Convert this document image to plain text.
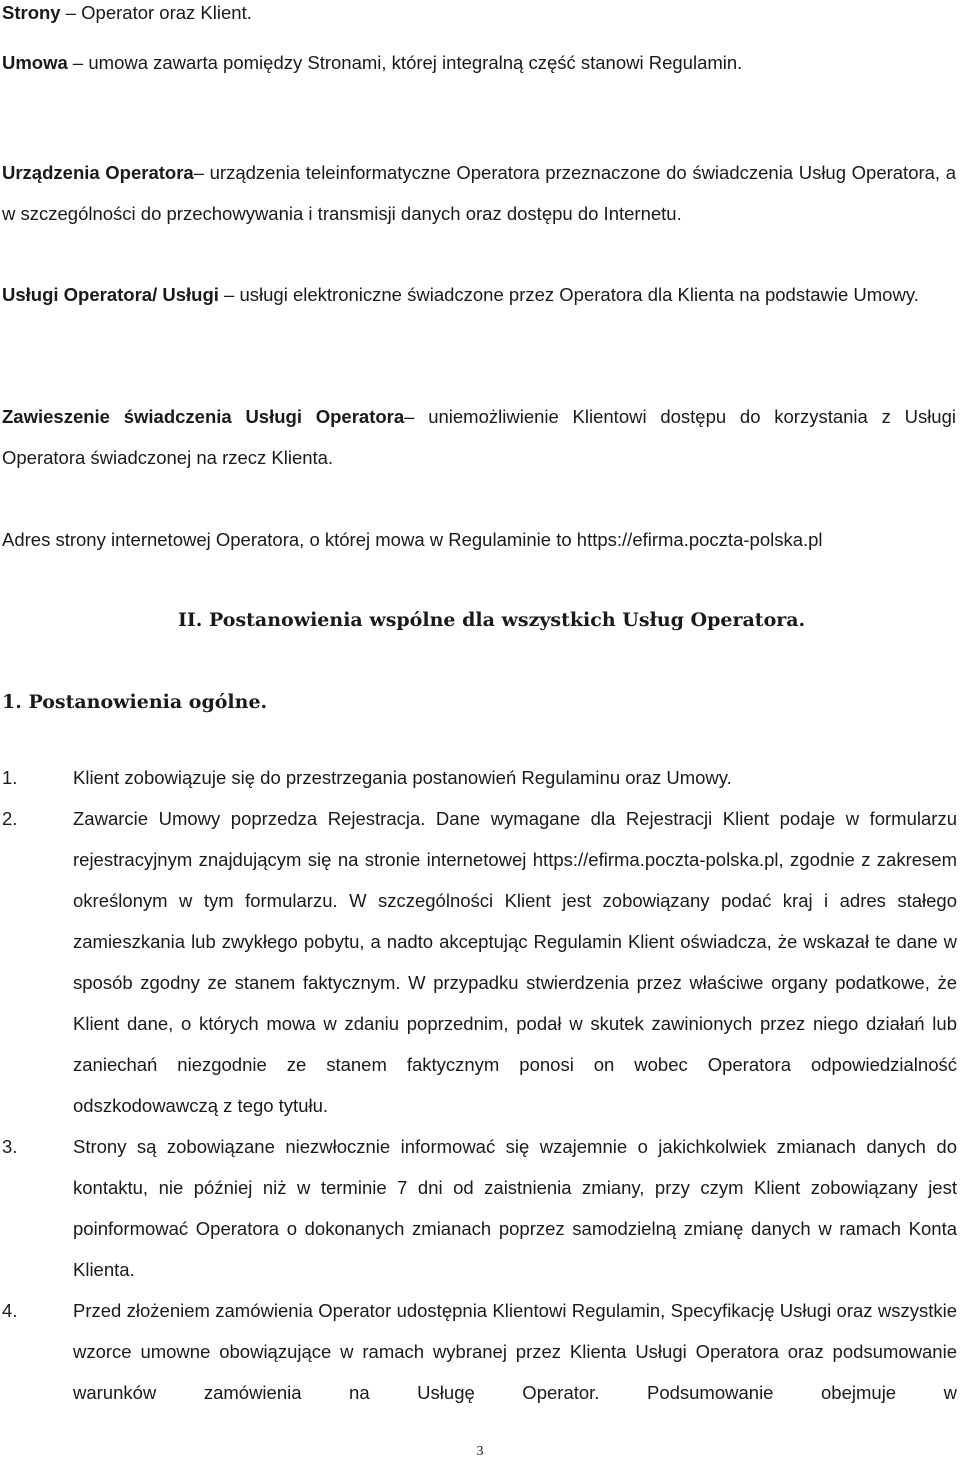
Strony – Operator oraz Klient.

Umowa – umowa zawarta pomiędzy Stronami, której integralną część stanowi Regulamin.

Urządzenia Operatora– urządzenia teleinformatyczne Operatora przeznaczone do świadczenia Usług Operatora, a w szczególności do przechowywania i transmisji danych oraz dostępu do Internetu.

Usługi Operatora/ Usługi – usługi elektroniczne świadczone przez Operatora dla Klienta na podstawie Umowy.

Zawieszenie świadczenia Usługi Operatora– uniemożliwienie Klientowi dostępu do korzystania z Usługi Operatora świadczonej na rzecz Klienta.

Adres strony internetowej Operatora, o której mowa w Regulaminie to https://efirma.poczta-polska.pl

II. Postanowienia wspólne dla wszystkich Usług Operatora.
1. Postanowienia ogólne.
1.	Klient zobowiązuje się do przestrzegania postanowień Regulaminu oraz Umowy.
2.	Zawarcie Umowy poprzedza Rejestracja. Dane wymagane dla Rejestracji Klient podaje w formularzu rejestracyjnym znajdującym się na stronie internetowej https://efirma.poczta-polska.pl, zgodnie z zakresem określonym w tym formularzu. W szczególności Klient jest zobowiązany podać kraj i adres stałego zamieszkania lub zwykłego pobytu, a nadto akceptując Regulamin Klient oświadcza, że wskazał te dane w sposób zgodny ze stanem faktycznym. W przypadku stwierdzenia przez właściwe organy podatkowe, że Klient dane, o których mowa w zdaniu poprzednim, podał w skutek zawinionych przez niego działań lub zaniechań niezgodnie ze stanem faktycznym ponosi on wobec Operatora odpowiedzialność odszkodowawczą z tego tytułu.
3.	Strony są zobowiązane niezwłocznie informować się wzajemnie o jakichkolwiek zmianach danych do kontaktu, nie później niż w terminie 7 dni od zaistnienia zmiany, przy czym Klient zobowiązany jest poinformować Operatora o dokonanych zmianach poprzez samodzielną zmianę danych w ramach Konta Klienta.
4.	Przed złożeniem zamówienia Operator udostępnia Klientowi Regulamin, Specyfikację Usługi oraz wszystkie wzorce umowne obowiązujące w ramach wybranej przez Klienta Usługi Operatora oraz podsumowanie warunków zamówienia na Usługę Operator. Podsumowanie obejmuje w
3
